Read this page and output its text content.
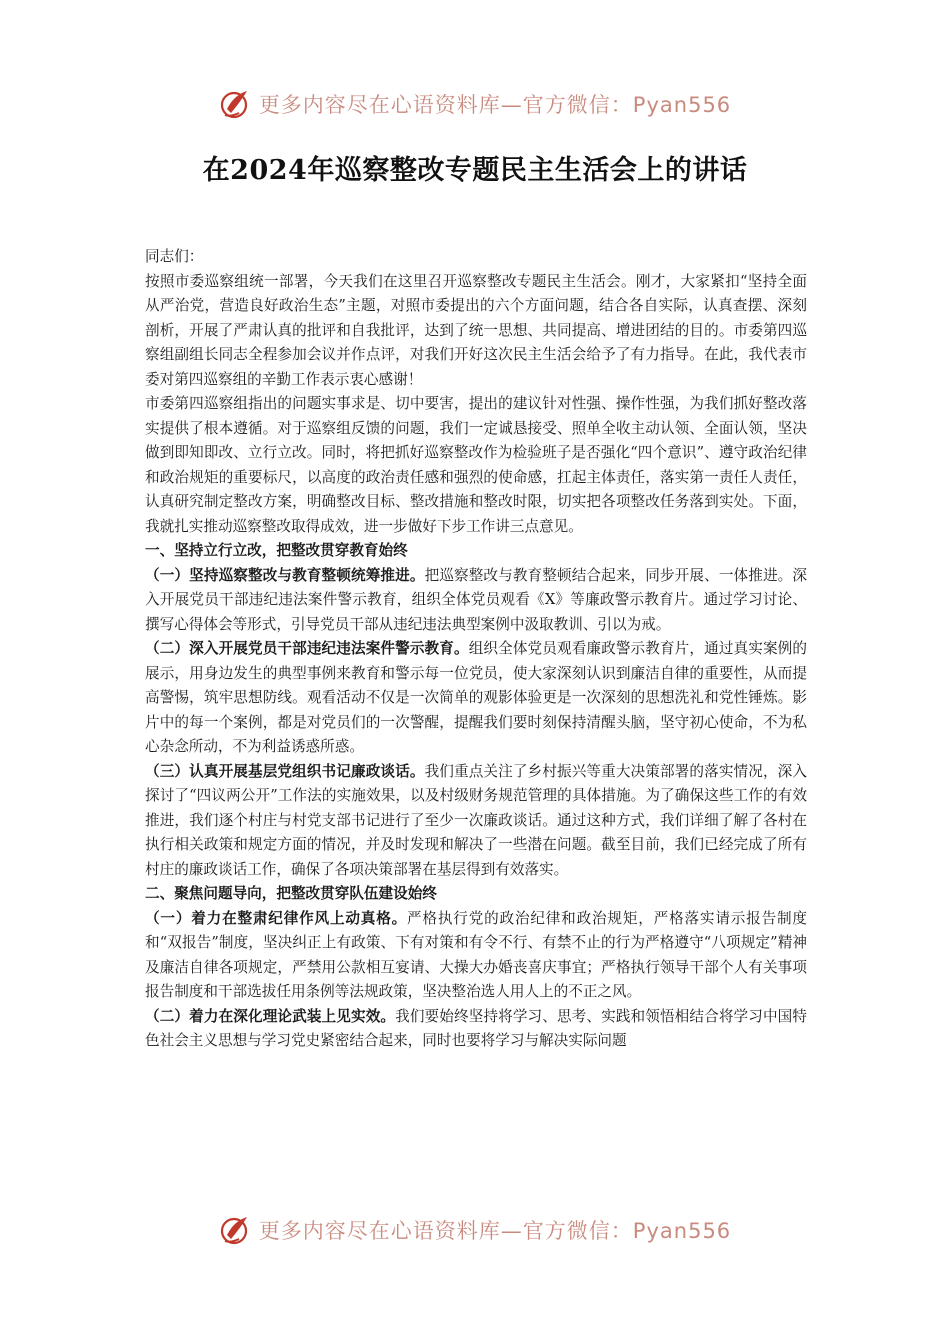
更多内容尽在心语资料库—官方微信：Pyan556
在2024年巡察整改专题民主生活会上的讲话

同志们：

按照市委巡察组统一部署，今天我们在这里召开巡察整改专题民主生活会。刚才，大家紧扣“坚持全面从严治党，营造良好政治生态”主题，对照市委提出的六个方面问题，结合各自实际，认真查摆、深刻剖析，开展了严肃认真的批评和自我批评，达到了统一思想、共同提高、增进团结的目的。市委第四巡察组副组长同志全程参加会议并作点评，对我们开好这次民主生活会给予了有力指导。在此，我代表市委对第四巡察组的辛勤工作表示衷心感谢！

市委第四巡察组指出的问题实事求是、切中要害，提出的建议针对性强、操作性强，为我们抓好整改落实提供了根本遵循。对于巡察组反馈的问题，我们一定诚恳接受、照单全收主动认领、全面认领，坚决做到即知即改、立行立改。同时，将把抓好巡察整改作为检验班子是否强化“四个意识”、遵守政治纪律和政治规矩的重要标尺，以高度的政治责任感和强烈的使命感，扛起主体责任，落实第一责任人责任，认真研究制定整改方案，明确整改目标、整改措施和整改时限，切实把各项整改任务落到实处。下面，我就扎实推动巡察整改取得成效，进一步做好下步工作讲三点意见。

一、坚持立行立改，把整改贯穿教育始终

（一）坚持巡察整改与教育整顿统筹推进。把巡察整改与教育整顿结合起来，同步开展、一体推进。深入开展党员干部违纪违法案件警示教育，组织全体党员观看《X》等廉政警示教育片。通过学习讨论、撰写心得体会等形式，引导党员干部从违纪违法典型案例中汲取教训、引以为戒。

（二）深入开展党员干部违纪违法案件警示教育。组织全体党员观看廉政警示教育片，通过真实案例的展示，用身边发生的典型事例来教育和警示每一位党员，使大家深刻认识到廉洁自律的重要性，从而提高警惕，筑牢思想防线。观看活动不仅是一次简单的观影体验更是一次深刻的思想洗礼和党性锤炼。影片中的每一个案例，都是对党员们的一次警醒，提醒我们要时刻保持清醒头脑，坚守初心使命，不为私心杂念所动，不为利益诱惑所惑。

（三）认真开展基层党组织书记廉政谈话。我们重点关注了乡村振兴等重大决策部署的落实情况，深入探讨了“四议两公开”工作法的实施效果，以及村级财务规范管理的具体措施。为了确保这些工作的有效推进，我们逐个村庄与村党支部书记进行了至少一次廉政谈话。通过这种方式，我们详细了解了各村在执行相关政策和规定方面的情况，并及时发现和解决了一些潜在问题。截至目前，我们已经完成了所有村庄的廉政谈话工作，确保了各项决策部署在基层得到有效落实。

二、聚焦问题导向，把整改贯穿队伍建设始终

（一）着力在整肃纪律作风上动真格。严格执行党的政治纪律和政治规矩，严格落实请示报告制度和“双报告”制度，坚决纠正上有政策、下有对策和有令不行、有禁不止的行为严格遵守“八项规定”精神及廉洁自律各项规定，严禁用公款相互宴请、大操大办婚丧喜庆事宜；严格执行领导干部个人有关事项报告制度和干部选拔任用条例等法规政策，坚决整治选人用人上的不正之风。

（二）着力在深化理论武装上见实效。我们要始终坚持将学习、思考、实践和领悟相结合将学习中国特色社会主义思想与学习党史紧密结合起来，同时也要将学习与解决实际问题

更多内容尽在心语资料库—官方微信：Pyan556
